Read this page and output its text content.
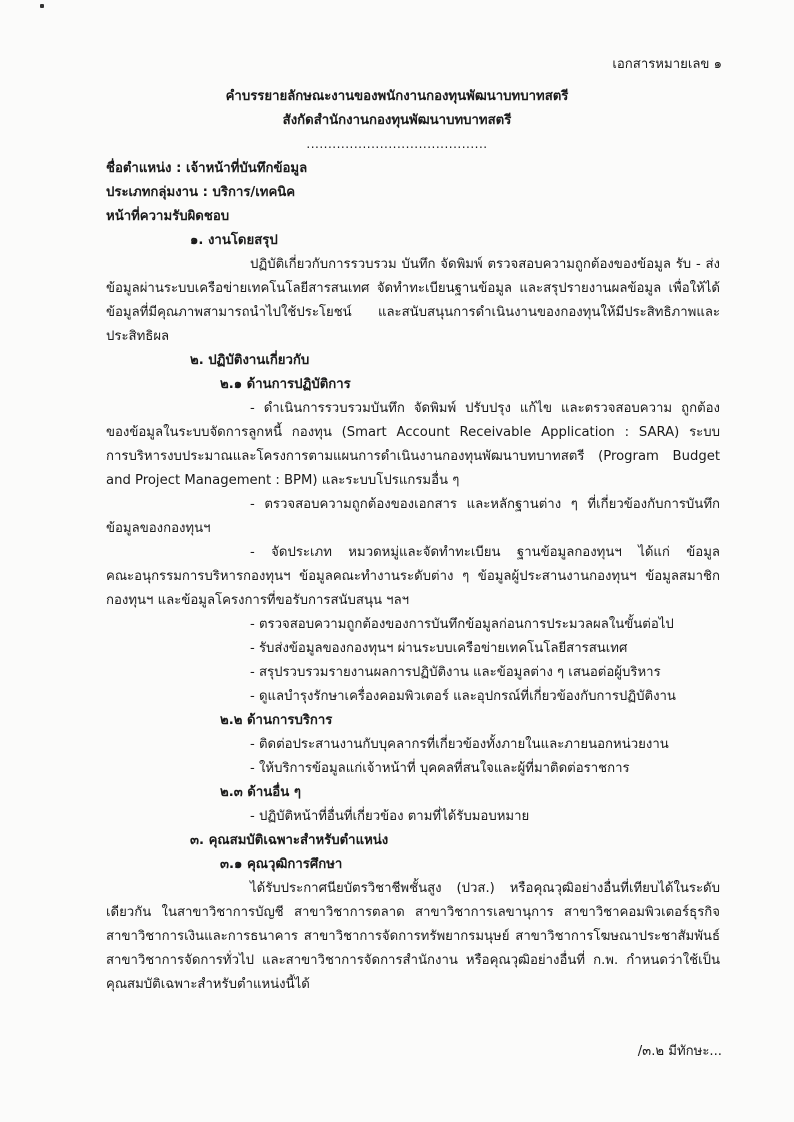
เอกสารหมายเลข ๑
คำบรรยายลักษณะงานของพนักงานกองทุนพัฒนาบทบาทสตรี
สังกัดสำนักงานกองทุนพัฒนาบทบาทสตรี
..........................................
ชื่อตำแหน่ง : เจ้าหน้าที่บันทึกข้อมูล
ประเภทกลุ่มงาน : บริการ/เทคนิค
หน้าที่ความรับผิดชอบ
๑. งานโดยสรุป
ปฏิบัติเกี่ยวกับการรวบรวม บันทึก จัดพิมพ์ ตรวจสอบความถูกต้องของข้อมูล รับ - ส่ง
ข้อมูลผ่านระบบเครือข่ายเทคโนโลยีสารสนเทศ จัดทำทะเบียนฐานข้อมูล และสรุปรายงานผลข้อมูล เพื่อให้ได้
ข้อมูลที่มีคุณภาพสามารถนำไปใช้ประโยชน์ และสนับสนุนการดำเนินงานของกองทุนให้มีประสิทธิภาพและ
ประสิทธิผล
๒. ปฏิบัติงานเกี่ยวกับ
๒.๑ ด้านการปฏิบัติการ
- ดำเนินการรวบรวมบันทึก จัดพิมพ์ ปรับปรุง แก้ไข และตรวจสอบความ ถูกต้อง
ของข้อมูลในระบบจัดการลูกหนี้ กองทุน (Smart Account Receivable Application : SARA) ระบบ
การบริหารงบประมาณและโครงการตามแผนการดำเนินงานกองทุนพัฒนาบทบาทสตรี (Program Budget
and Project Management : BPM) และระบบโปรแกรมอื่น ๆ
- ตรวจสอบความถูกต้องของเอกสาร และหลักฐานต่าง ๆ ที่เกี่ยวข้องกับการบันทึก
ข้อมูลของกองทุนฯ
- จัดประเภท หมวดหมู่และจัดทำทะเบียน ฐานข้อมูลกองทุนฯ ได้แก่ ข้อมูล
คณะอนุกรรมการบริหารกองทุนฯ ข้อมูลคณะทำงานระดับต่าง ๆ ข้อมูลผู้ประสานงานกองทุนฯ ข้อมูลสมาชิก
กองทุนฯ และข้อมูลโครงการที่ขอรับการสนับสนุน ฯลฯ
- ตรวจสอบความถูกต้องของการบันทึกข้อมูลก่อนการประมวลผลในขั้นต่อไป
- รับส่งข้อมูลของกองทุนฯ ผ่านระบบเครือข่ายเทคโนโลยีสารสนเทศ
- สรุปรวบรวมรายงานผลการปฏิบัติงาน และข้อมูลต่าง ๆ เสนอต่อผู้บริหาร
- ดูแลบำรุงรักษาเครื่องคอมพิวเตอร์ และอุปกรณ์ที่เกี่ยวข้องกับการปฏิบัติงาน
๒.๒ ด้านการบริการ
- ติดต่อประสานงานกับบุคลากรที่เกี่ยวข้องทั้งภายในและภายนอกหน่วยงาน
- ให้บริการข้อมูลแก่เจ้าหน้าที่ บุคคลที่สนใจและผู้ที่มาติดต่อราชการ
๒.๓ ด้านอื่น ๆ
- ปฏิบัติหน้าที่อื่นที่เกี่ยวข้อง ตามที่ได้รับมอบหมาย
๓. คุณสมบัติเฉพาะสำหรับตำแหน่ง
๓.๑ คุณวุฒิการศึกษา
ได้รับประกาศนียบัตรวิชาชีพชั้นสูง (ปวส.) หรือคุณวุฒิอย่างอื่นที่เทียบได้ในระดับ
เดียวกัน ในสาขาวิชาการบัญชี สาขาวิชาการตลาด สาขาวิชาการเลขานุการ สาขาวิชาคอมพิวเตอร์ธุรกิจ
สาขาวิชาการเงินและการธนาคาร สาขาวิชาการจัดการทรัพยากรมนุษย์ สาขาวิชาการโฆษณาประชาสัมพันธ์
สาขาวิชาการจัดการทั่วไป และสาขาวิชาการจัดการสำนักงาน หรือคุณวุฒิอย่างอื่นที่ ก.พ. กำหนดว่าใช้เป็น
คุณสมบัติเฉพาะสำหรับตำแหน่งนี้ได้
/๓.๒ มีทักษะ...
